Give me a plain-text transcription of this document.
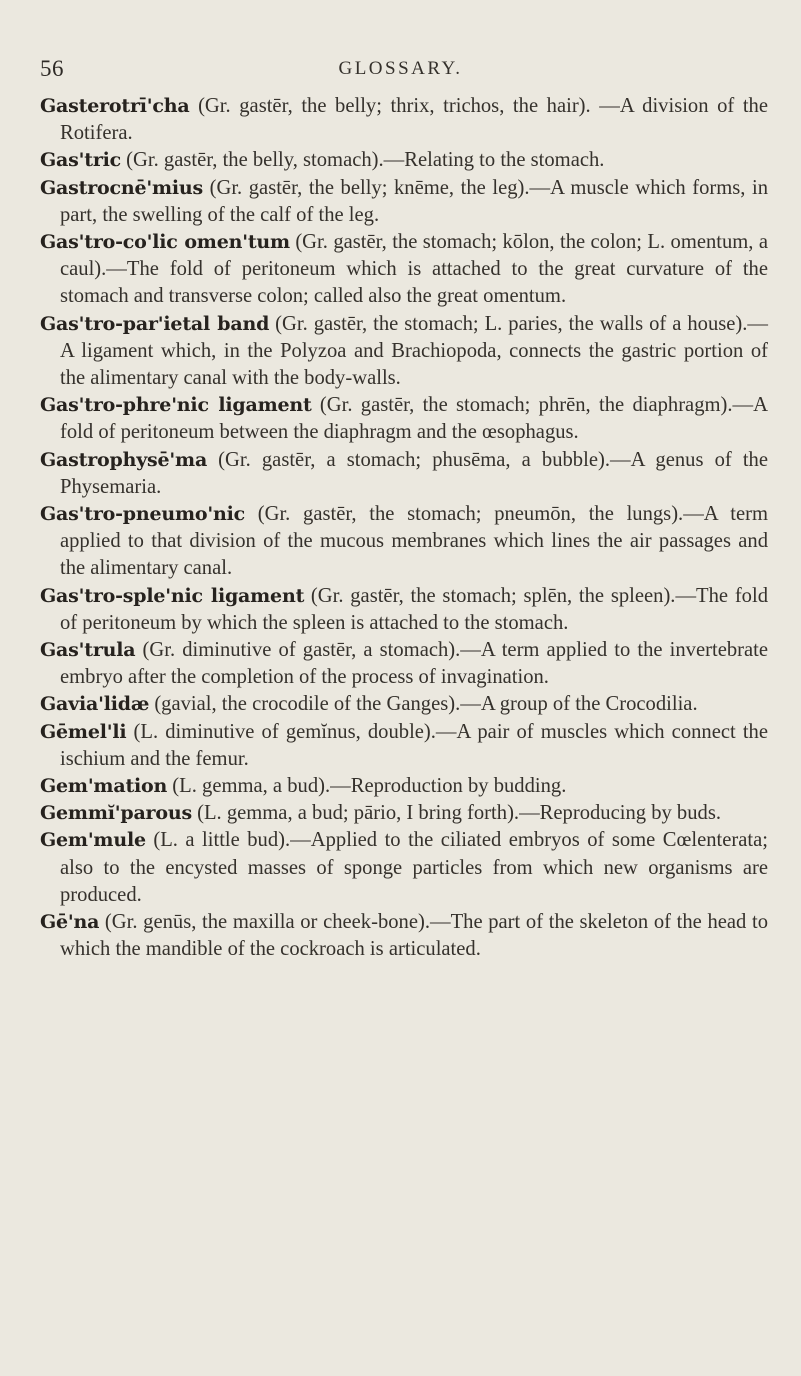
56	GLOSSARY.

Gasterotrī'cha (Gr. gastēr, the belly; thrix, trichos, the hair). —A division of the Rotifera.

Gas'tric (Gr. gastēr, the belly, stomach).—Relating to the stomach.

Gastrocnē'mius (Gr. gastēr, the belly; knēme, the leg).—A muscle which forms, in part, the swelling of the calf of the leg.

Gas'tro-co'lic omen'tum (Gr. gastēr, the stomach; kōlon, the colon; L. omentum, a caul).—The fold of peritoneum which is attached to the great curvature of the stomach and transverse colon; called also the great omentum.

Gas'tro-par'ietal band (Gr. gastēr, the stomach; L. paries, the walls of a house).—A ligament which, in the Polyzoa and Brachiopoda, connects the gastric portion of the alimentary canal with the body-walls.

Gas'tro-phre'nic ligament (Gr. gastēr, the stomach; phrēn, the diaphragm).—A fold of peritoneum between the diaphragm and the œsophagus.

Gastrophysē'ma (Gr. gastēr, a stomach; phusēma, a bubble).—A genus of the Physemaria.

Gas'tro-pneumo'nic (Gr. gastēr, the stomach; pneumōn, the lungs).—A term applied to that division of the mucous membranes which lines the air passages and the alimentary canal.

Gas'tro-sple'nic ligament (Gr. gastēr, the stomach; splēn, the spleen).—The fold of peritoneum by which the spleen is attached to the stomach.

Gas'trula (Gr. diminutive of gastēr, a stomach).—A term applied to the invertebrate embryo after the completion of the process of invagination.

Gavia'lidæ (gavial, the crocodile of the Ganges).—A group of the Crocodilia.

Gēmel'li (L. diminutive of gemĭnus, double).—A pair of muscles which connect the ischium and the femur.

Gem'mation (L. gemma, a bud).—Reproduction by budding.

Gemmĭ'parous (L. gemma, a bud; pārio, I bring forth).—Reproducing by buds.

Gem'mule (L. a little bud).—Applied to the ciliated embryos of some Cœlenterata; also to the encysted masses of sponge particles from which new organisms are produced.

Gē'na (Gr. genūs, the maxilla or cheek-bone).—The part of the skeleton of the head to which the mandible of the cockroach is articulated.
